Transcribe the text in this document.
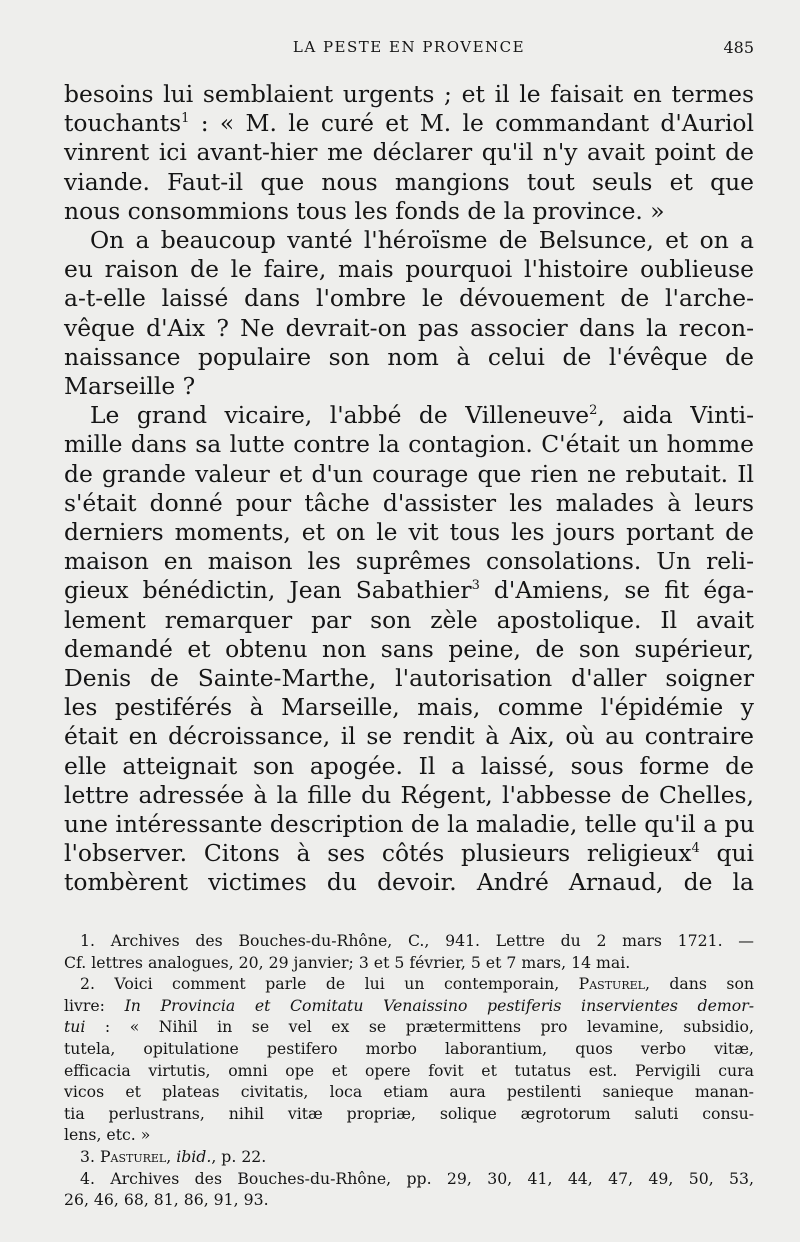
LA PESTE EN PROVENCE	485
besoins lui semblaient urgents ; et il le faisait en termes
touchants$^1$ : « M. le curé et M. le commandant d'Auriol
vinrent ici avant-hier me déclarer qu'il n'y avait point de
viande. Faut-il que nous mangions tout seuls et que
nous consommions tous les fonds de la province. »
On a beaucoup vanté l'héroïsme de Belsunce, et on a
eu raison de le faire, mais pourquoi l'histoire oublieuse
a-t-elle laissé dans l'ombre le dévouement de l'arche-
vêque d'Aix ? Ne devrait-on pas associer dans la recon-
naissance populaire son nom à celui de l'évêque de
Marseille ?
Le grand vicaire, l'abbé de Villeneuve$^2$, aida Vinti-
mille dans sa lutte contre la contagion. C'était un homme
de grande valeur et d'un courage que rien ne rebutait. Il
s'était donné pour tâche d'assister les malades à leurs
derniers moments, et on le vit tous les jours portant de
maison en maison les suprêmes consolations. Un reli-
gieux bénédictin, Jean Sabathier$^3$ d'Amiens, se fit éga-
lement remarquer par son zèle apostolique. Il avait
demandé et obtenu non sans peine, de son supérieur,
Denis de Sainte-Marthe, l'autorisation d'aller soigner
les pestiférés à Marseille, mais, comme l'épidémie y
était en décroissance, il se rendit à Aix, où au contraire
elle atteignait son apogée. Il a laissé, sous forme de
lettre adressée à la fille du Régent, l'abbesse de Chelles,
une intéressante description de la maladie, telle qu'il a pu
l'observer. Citons à ses côtés plusieurs religieux$^4$ qui
tombèrent victimes du devoir. André Arnaud, de la
1. Archives des Bouches-du-Rhône, C., 941. Lettre du 2 mars 1721. —
Cf. lettres analogues, 20, 29 janvier; 3 et 5 février, 5 et 7 mars, 14 mai.
2. Voici comment parle de lui un contemporain, Pasturel, dans son
livre: In Provincia et Comitatu Venaissino pestiferis inservientes demor-
tui : « Nihil in se vel ex se prætermittens pro levamine, subsidio,
tutela, opitulatione pestifero morbo laborantium, quos verbo vitæ,
efficacia virtutis, omni ope et opere fovit et tutatus est. Pervigili cura
vicos et plateas civitatis, loca etiam aura pestilenti sanieque manan-
tia perlustrans, nihil vitæ propriæ, solique ægrotorum saluti consu-
lens, etc. »
3. Pasturel, ibid., p. 22.
4. Archives des Bouches-du-Rhône, pp. 29, 30, 41, 44, 47, 49, 50, 53,
26, 46, 68, 81, 86, 91, 93.
